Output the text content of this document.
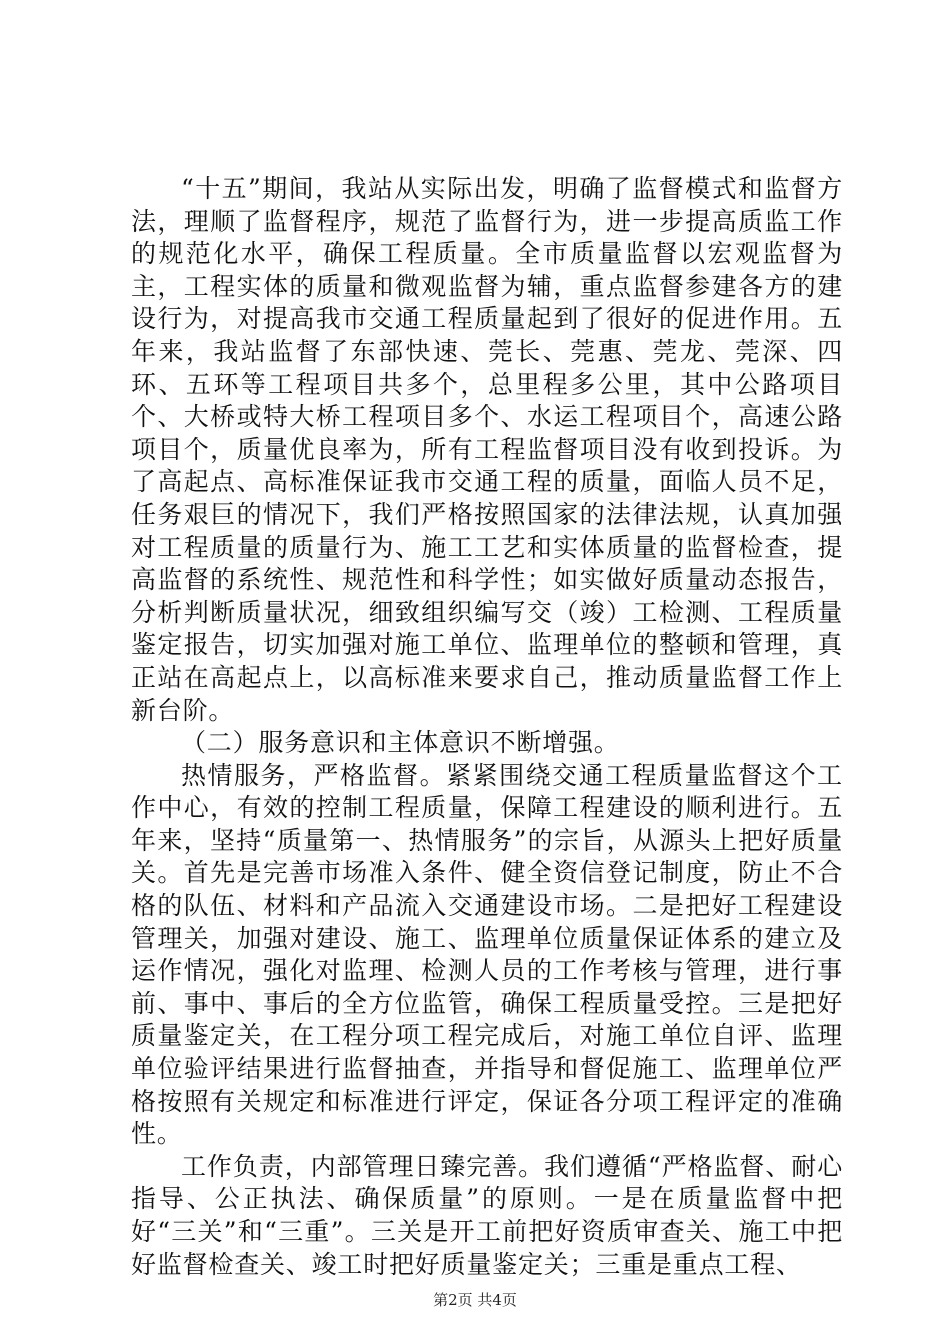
“十五”期间，我站从实际出发，明确了监督模式和监督方法，理顺了监督程序，规范了监督行为，进一步提高质监工作的规范化水平，确保工程质量。全市质量监督以宏观监督为主，工程实体的质量和微观监督为辅，重点监督参建各方的建设行为，对提高我市交通工程质量起到了很好的促进作用。五年来，我站监督了东部快速、莞长、莞惠、莞龙、莞深、四环、五环等工程项目共多个，总里程多公里，其中公路项目个、大桥或特大桥工程项目多个、水运工程项目个，高速公路项目个，质量优良率为，所有工程监督项目没有收到投诉。为了高起点、高标准保证我市交通工程的质量，面临人员不足，任务艰巨的情况下，我们严格按照国家的法律法规，认真加强对工程质量的质量行为、施工工艺和实体质量的监督检查，提高监督的系统性、规范性和科学性；如实做好质量动态报告，分析判断质量状况，细致组织编写交（竣）工检测、工程质量鉴定报告，切实加强对施工单位、监理单位的整顿和管理，真正站在高起点上，以高标准来要求自己，推动质量监督工作上新台阶。

（二）服务意识和主体意识不断增强。

热情服务，严格监督。紧紧围绕交通工程质量监督这个工作中心，有效的控制工程质量，保障工程建设的顺利进行。五年来，坚持“质量第一、热情服务”的宗旨，从源头上把好质量关。首先是完善市场准入条件、健全资信登记制度，防止不合格的队伍、材料和产品流入交通建设市场。二是把好工程建设管理关，加强对建设、施工、监理单位质量保证体系的建立及运作情况，强化对监理、检测人员的工作考核与管理，进行事前、事中、事后的全方位监管，确保工程质量受控。三是把好质量鉴定关，在工程分项工程完成后，对施工单位自评、监理单位验评结果进行监督抽查，并指导和督促施工、监理单位严格按照有关规定和标准进行评定，保证各分项工程评定的准确性。

工作负责，内部管理日臻完善。我们遵循“严格监督、耐心指导、公正执法、确保质量”的原则。一是在质量监督中把好“三关”和“三重”。三关是开工前把好资质审查关、施工中把好监督检查关、竣工时把好质量鉴定关；三重是重点工程、

第2页 共4页
